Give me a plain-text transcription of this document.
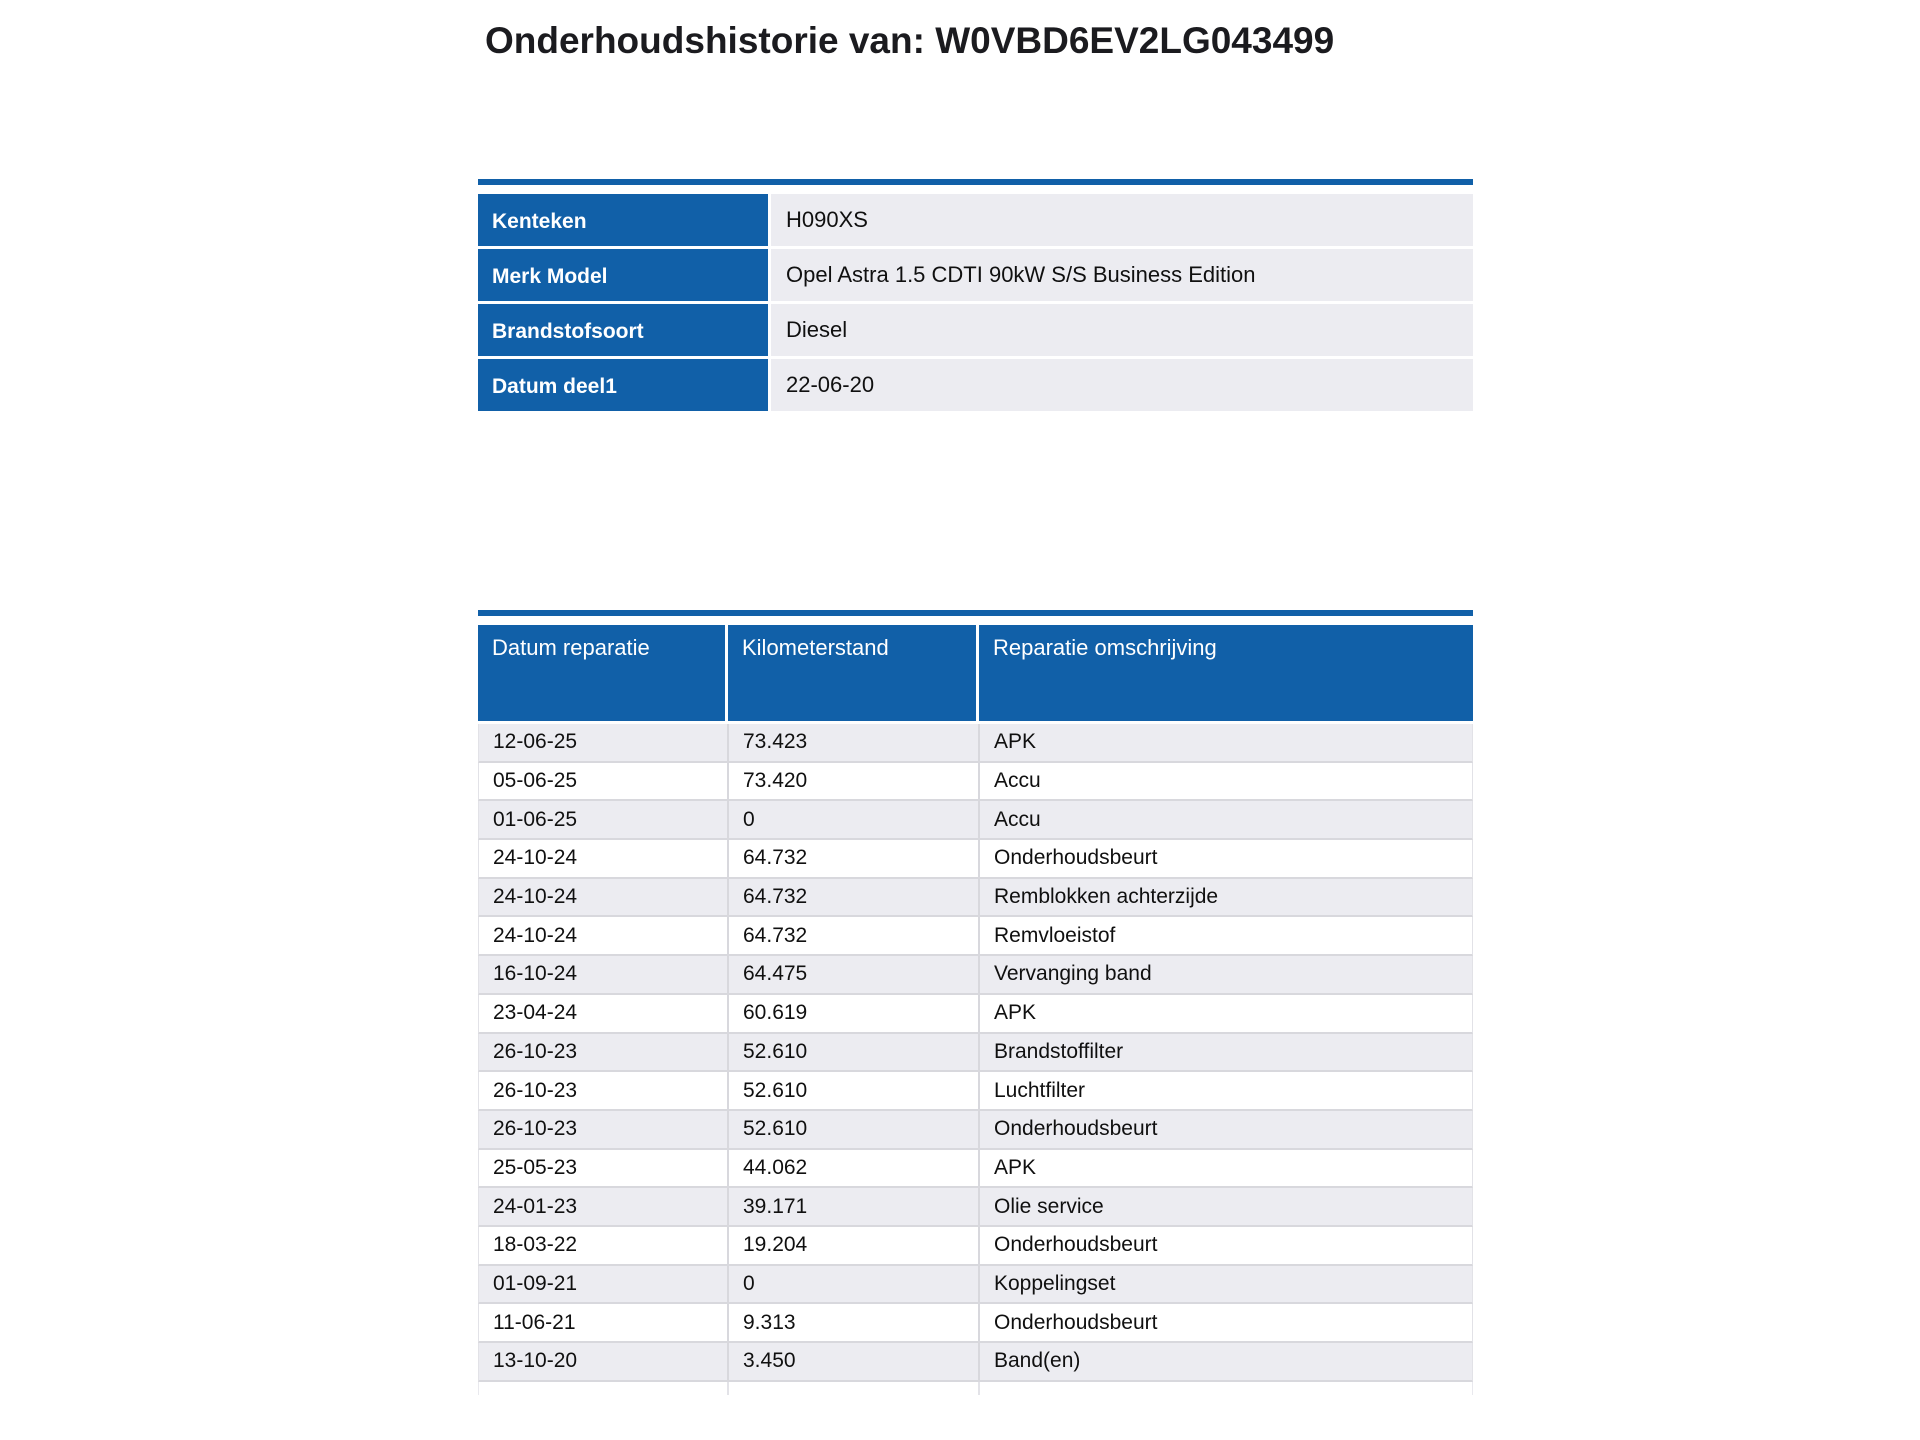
Onderhoudshistorie van: W0VBD6EV2LG043499
Kenteken	H090XS
Merk Model	Opel Astra 1.5 CDTI 90kW S/S Business Edition
Brandstofsoort	Diesel
Datum deel1	22-06-20
Datum reparatie	Kilometerstand	Reparatie omschrijving
12-06-25	73.423	APK
05-06-25	73.420	Accu
01-06-25	0	Accu
24-10-24	64.732	Onderhoudsbeurt
24-10-24	64.732	Remblokken achterzijde
24-10-24	64.732	Remvloeistof
16-10-24	64.475	Vervanging band
23-04-24	60.619	APK
26-10-23	52.610	Brandstoffilter
26-10-23	52.610	Luchtfilter
26-10-23	52.610	Onderhoudsbeurt
25-05-23	44.062	APK
24-01-23	39.171	Olie service
18-03-22	19.204	Onderhoudsbeurt
01-09-21	0	Koppelingset
11-06-21	9.313	Onderhoudsbeurt
13-10-20	3.450	Band(en)
